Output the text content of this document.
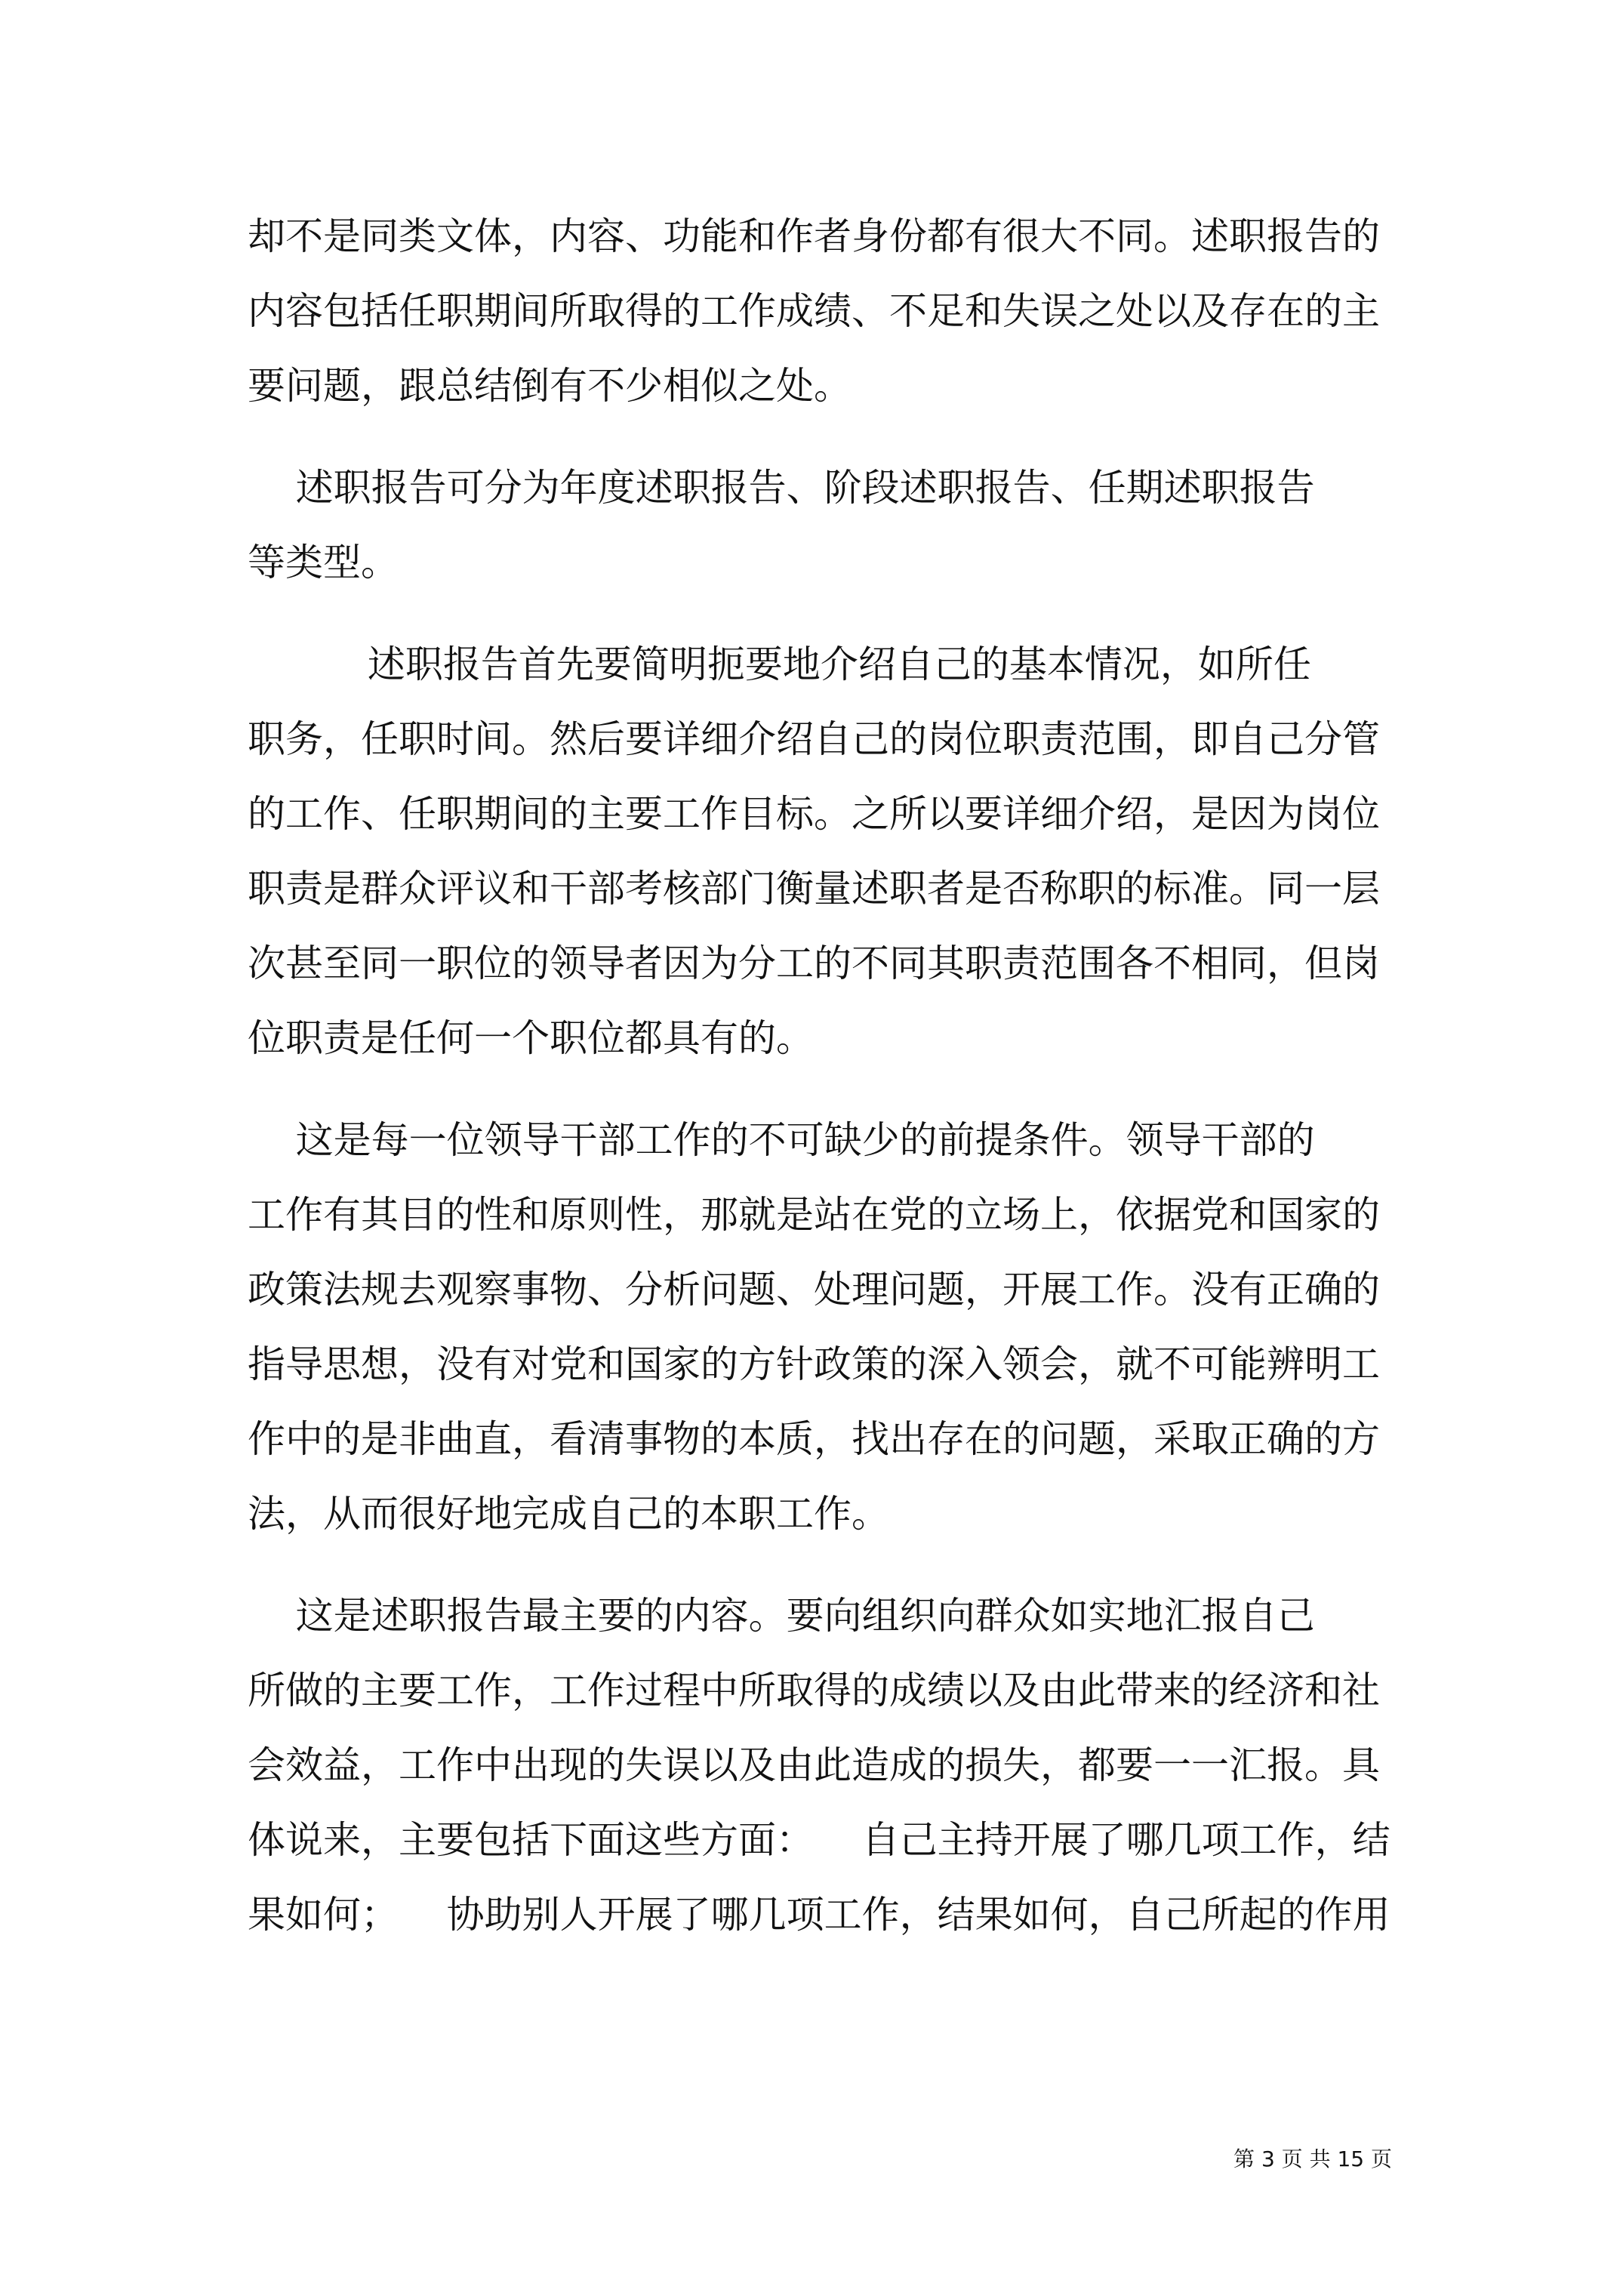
却不是同类文体，内容、功能和作者身份都有很大不同。述职报告的
内容包括任职期间所取得的工作成绩、不足和失误之处以及存在的主
要问题，跟总结倒有不少相似之处。
述职报告可分为年度述职报告、阶段述职报告、任期述职报告
等类型。
述职报告首先要简明扼要地介绍自己的基本情况，如所任
职务，任职时间。然后要详细介绍自己的岗位职责范围，即自己分管
的工作、任职期间的主要工作目标。之所以要详细介绍，是因为岗位
职责是群众评议和干部考核部门衡量述职者是否称职的标准。同一层
次甚至同一职位的领导者因为分工的不同其职责范围各不相同，但岗
位职责是任何一个职位都具有的。
这是每一位领导干部工作的不可缺少的前提条件。领导干部的
工作有其目的性和原则性，那就是站在党的立场上，依据党和国家的
政策法规去观察事物、分析问题、处理问题，开展工作。没有正确的
指导思想，没有对党和国家的方针政策的深入领会，就不可能辨明工
作中的是非曲直，看清事物的本质，找出存在的问题，采取正确的方
法，从而很好地完成自己的本职工作。
这是述职报告最主要的内容。要向组织向群众如实地汇报自己
所做的主要工作，工作过程中所取得的成绩以及由此带来的经济和社
会效益，工作中出现的失误以及由此造成的损失，都要一一汇报。具
体说来，主要包括下面这些方面：    自己主持开展了哪几项工作，结
果如何；    协助别人开展了哪几项工作，结果如何，自己所起的作用
第 3 页 共 15 页
